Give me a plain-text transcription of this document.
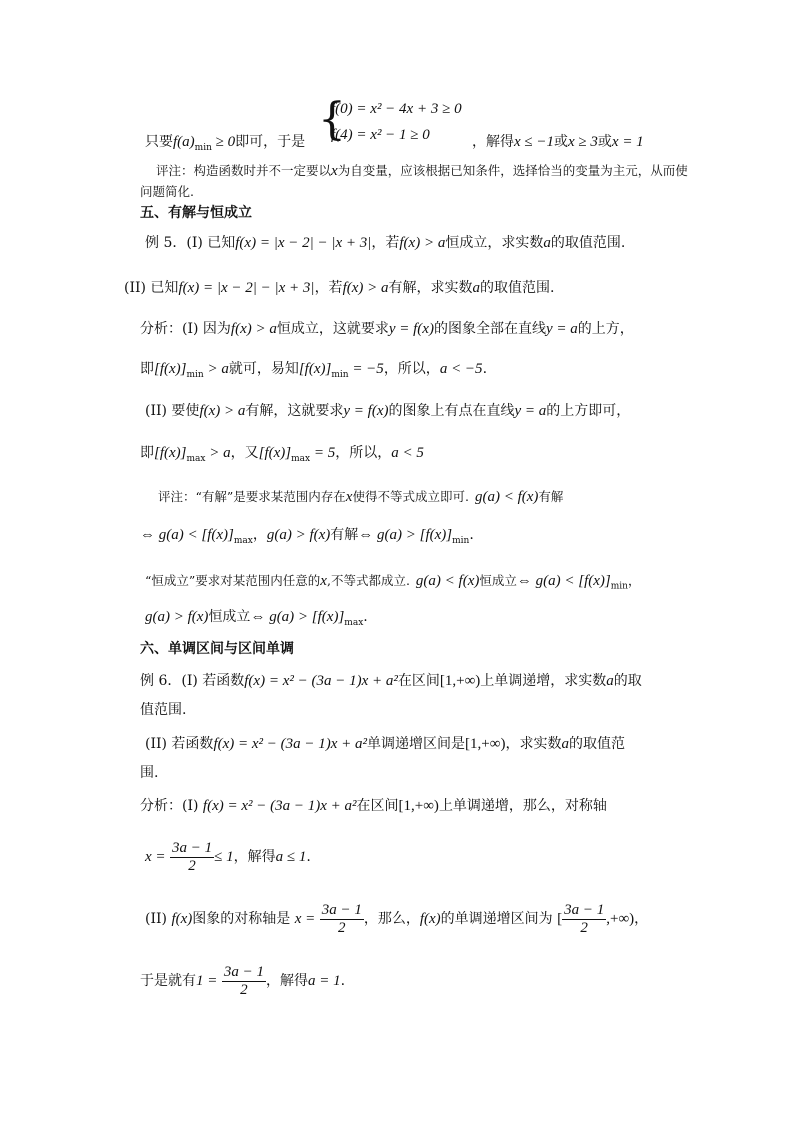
{
f(0) = x² − 4x + 3 ≥ 0
f(4) = x² − 1 ≥ 0
只要$f(a)_{min} \ge 0$即可，于是	，解得x ≤ −1或x ≥ 3或x = 1
评注：构造函数时并不一定要以x为自变量，应该根据已知条件，选择恰当的变量为主元，从而使
问题简化.
五、有解与恒成立
例 5．(I) 已知f(x) = |x − 2| − |x + 3|，若f(x) > a恒成立，求实数a的取值范围.
(II) 已知f(x) = |x − 2| − |x + 3|，若f(x) > a有解，求实数a的取值范围.
分析：(I) 因为f(x) > a恒成立，这就要求y = f(x)的图象全部在直线y = a的上方，
即$[f(x)]_{min} > a$就可，易知$[f(x)]_{min} = -5$，所以，a < −5.
(II) 要使f(x) > a有解，这就要求y = f(x)的图象上有点在直线y = a的上方即可，
即$[f(x)]_{max} > a$，又$[f(x)]_{max} = 5$，所以，a < 5
评注：“有解”是要求某范围内存在x使得不等式成立即可. g(a) < f(x)有解
⇔ $g(a) < [f(x)]_{max}$，g(a) > f(x)有解⇔ $g(a) > [f(x)]_{min}$.
“恒成立”要求对某范围内任意的x,不等式都成立. g(a) < f(x)恒成立⇔ $g(a) < [f(x)]_{min}$，
g(a) > f(x)恒成立⇔ $g(a) > [f(x)]_{max}$.
六、单调区间与区间单调
例 6．(I) 若函数f(x) = x² − (3a − 1)x + a²在区间[1,+∞)上单调递增，求实数a的取
值范围.
(II) 若函数f(x) = x² − (3a − 1)x + a²单调递增区间是[1,+∞)，求实数a的取值范
围.
分析：(I) f(x) = x² − (3a − 1)x + a²在区间[1,+∞)上单调递增，那么，对称轴
$x = \frac{3a - 1}{2} \le 1$，解得a ≤ 1.
(II) f(x)图象的对称轴是 $x = \frac{3a - 1}{2}$ ，那么，f(x)的单调递增区间为 [ $\frac{3a - 1}{2}$ ,+∞)，
于是就有$1 = \frac{3a - 1}{2}$ ，解得a = 1.
